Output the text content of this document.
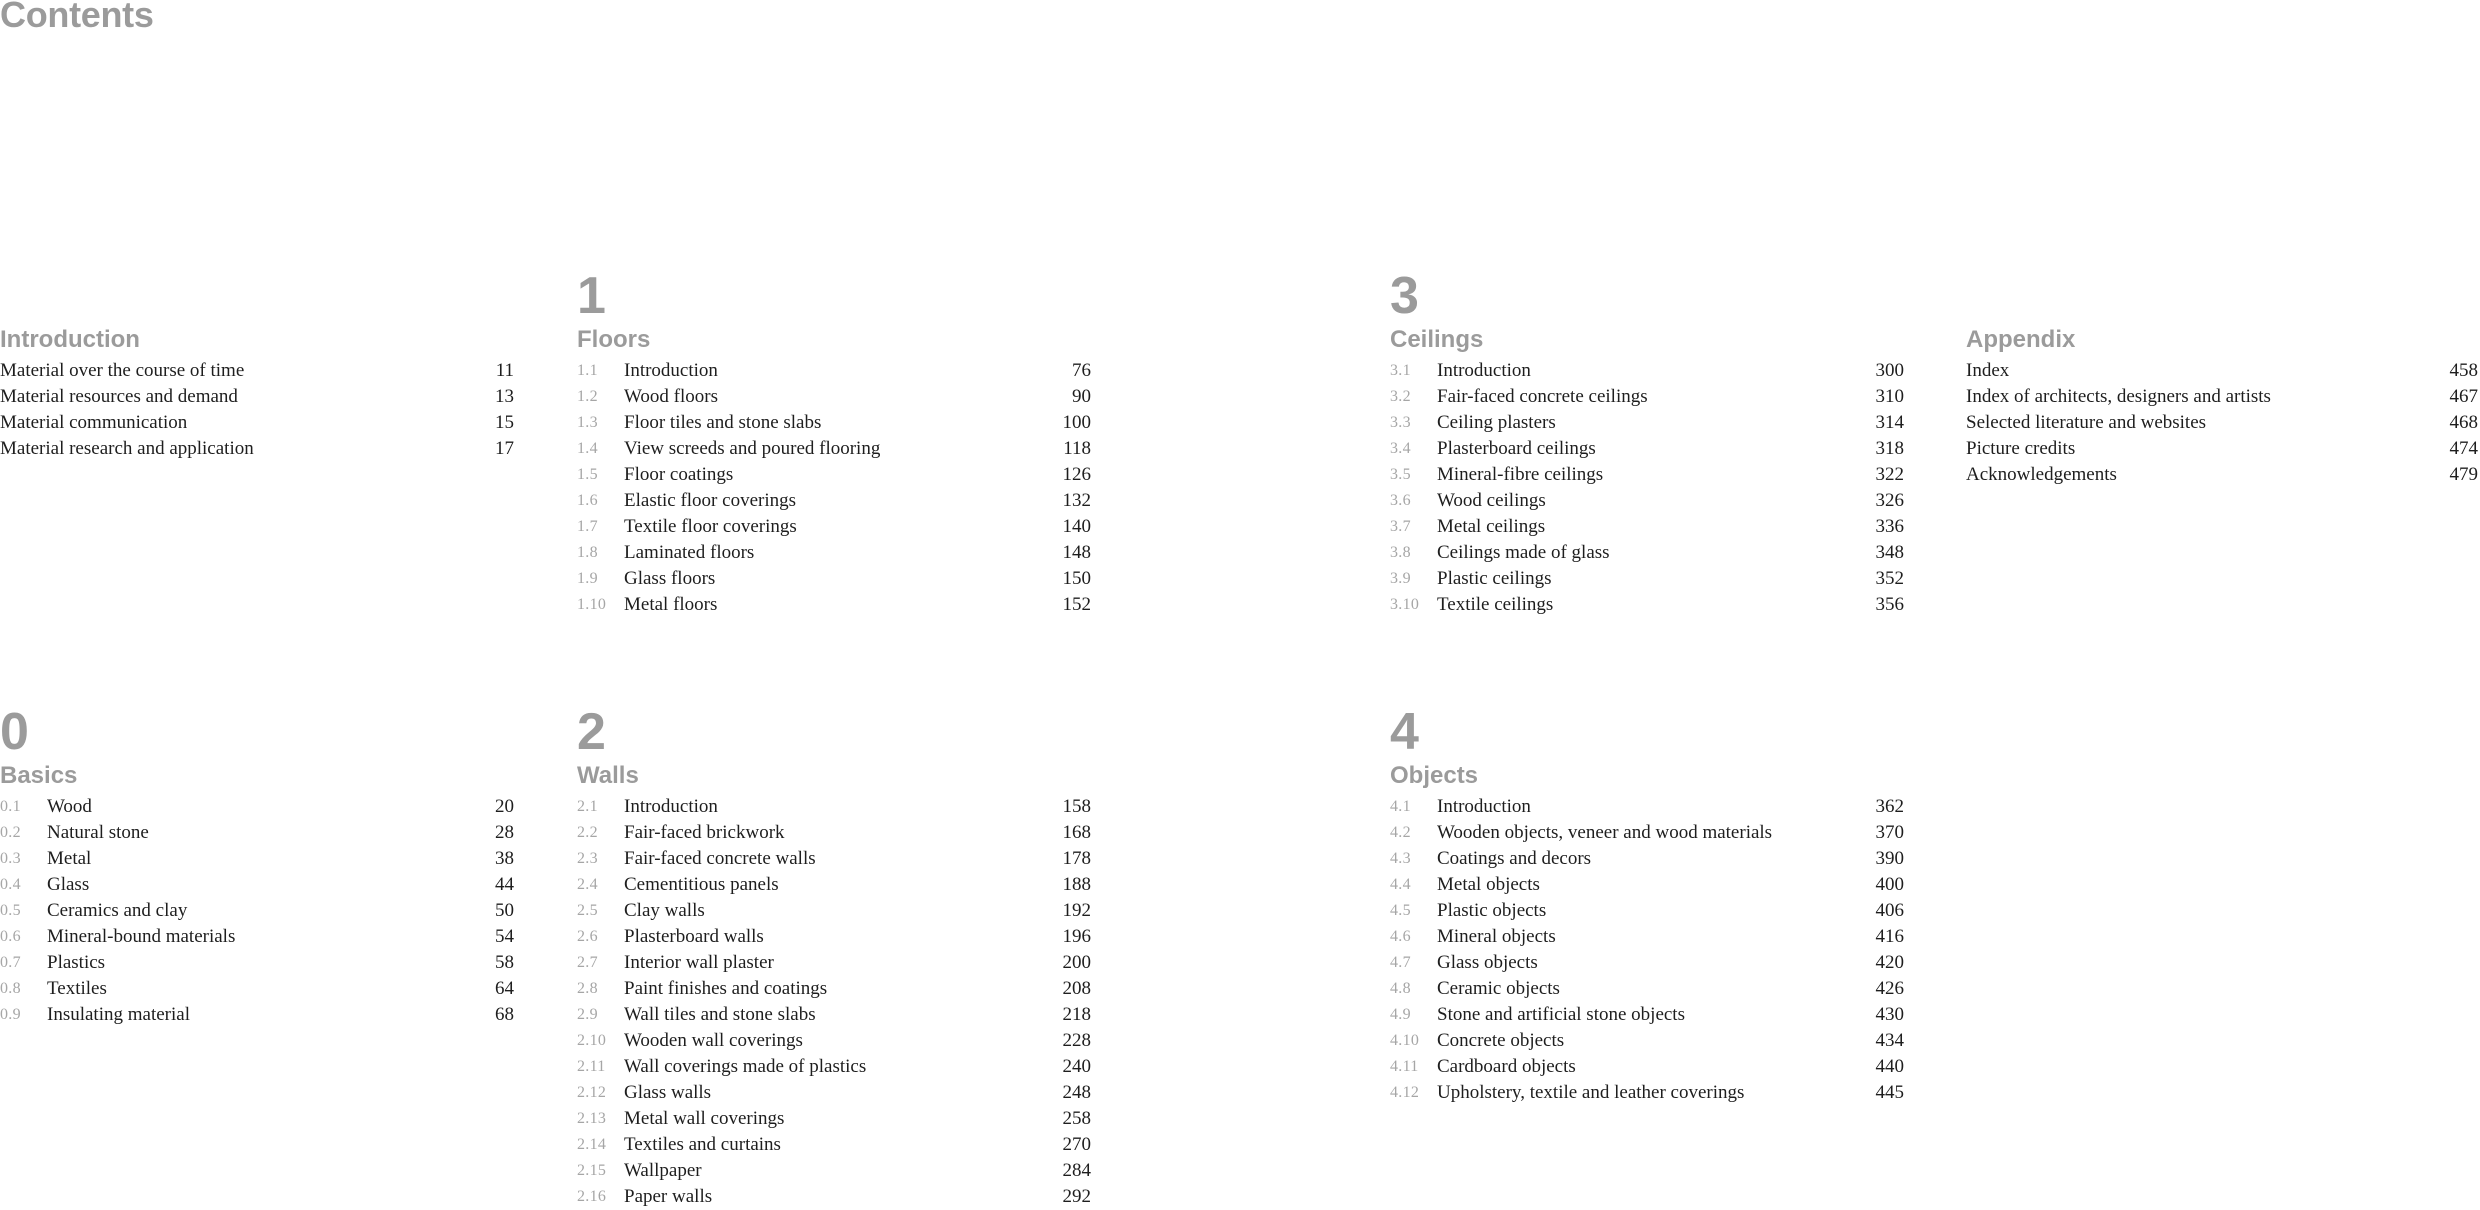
Contents
Introduction
Material over the course of time	11
Material resources and demand	13
Material communication	15
Material research and application	17
1
Floors
1.1 Introduction	76
1.2 Wood floors	90
1.3 Floor tiles and stone slabs	100
1.4 View screeds and poured flooring	118
1.5 Floor coatings	126
1.6 Elastic floor coverings	132
1.7 Textile floor coverings	140
1.8 Laminated floors	148
1.9 Glass floors	150
1.10 Metal floors	152
3
Ceilings
3.1 Introduction	300
3.2 Fair-faced concrete ceilings	310
3.3 Ceiling plasters	314
3.4 Plasterboard ceilings	318
3.5 Mineral-fibre ceilings	322
3.6 Wood ceilings	326
3.7 Metal ceilings	336
3.8 Ceilings made of glass	348
3.9 Plastic ceilings	352
3.10 Textile ceilings	356
Appendix
Index	458
Index of architects, designers and artists	467
Selected literature and websites	468
Picture credits	474
Acknowledgements	479
0
Basics
0.1 Wood	20
0.2 Natural stone	28
0.3 Metal	38
0.4 Glass	44
0.5 Ceramics and clay	50
0.6 Mineral-bound materials	54
0.7 Plastics	58
0.8 Textiles	64
0.9 Insulating material	68
2
Walls
2.1 Introduction	158
2.2 Fair-faced brickwork	168
2.3 Fair-faced concrete walls	178
2.4 Cementitious panels	188
2.5 Clay walls	192
2.6 Plasterboard walls	196
2.7 Interior wall plaster	200
2.8 Paint finishes and coatings	208
2.9 Wall tiles and stone slabs	218
2.10 Wooden wall coverings	228
2.11 Wall coverings made of plastics	240
2.12 Glass walls	248
2.13 Metal wall coverings	258
2.14 Textiles and curtains	270
2.15 Wallpaper	284
2.16 Paper walls	292
4
Objects
4.1 Introduction	362
4.2 Wooden objects, veneer and wood materials	370
4.3 Coatings and decors	390
4.4 Metal objects	400
4.5 Plastic objects	406
4.6 Mineral objects	416
4.7 Glass objects	420
4.8 Ceramic objects	426
4.9 Stone and artificial stone objects	430
4.10 Concrete objects	434
4.11 Cardboard objects	440
4.12 Upholstery, textile and leather coverings	445
